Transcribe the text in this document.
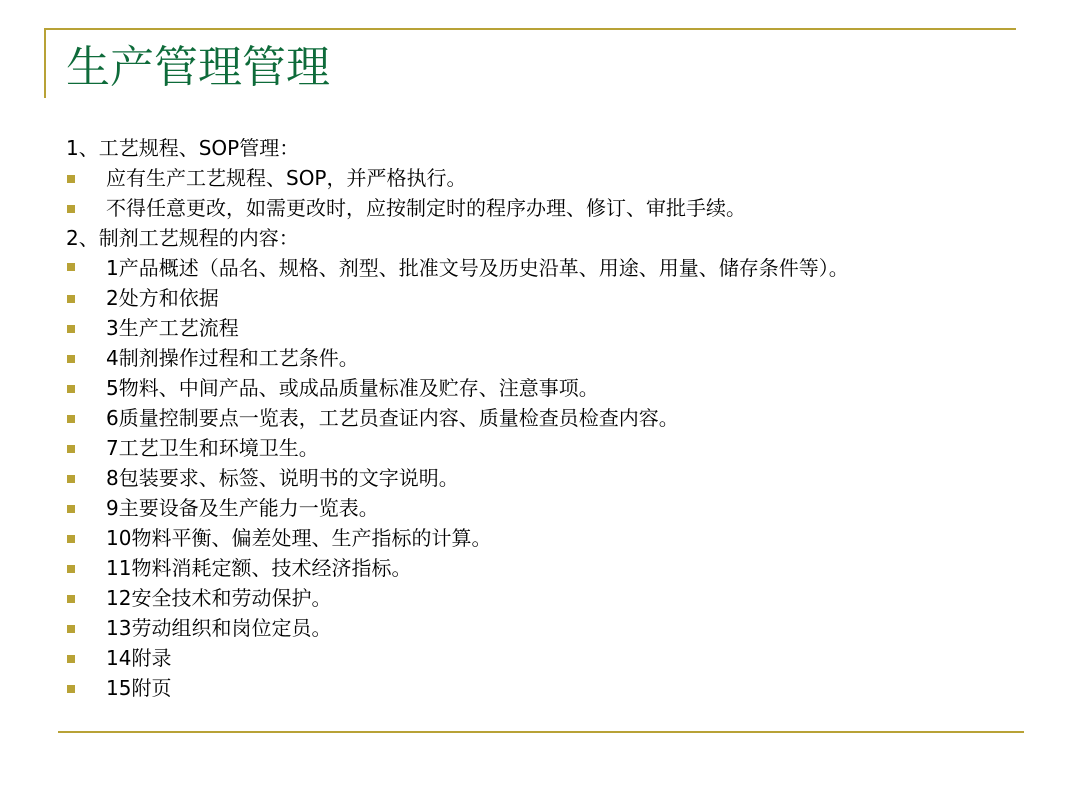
生产管理管理
1、工艺规程、SOP管理：
应有生产工艺规程、SOP，并严格执行。
不得任意更改，如需更改时，应按制定时的程序办理、修订、审批手续。
2、制剂工艺规程的内容：
1产品概述（品名、规格、剂型、批准文号及历史沿革、用途、用量、储存条件等）。
2处方和依据
3生产工艺流程
4制剂操作过程和工艺条件。
5物料、中间产品、或成品质量标准及贮存、注意事项。
6质量控制要点一览表，工艺员查证内容、质量检查员检查内容。
7工艺卫生和环境卫生。
8包装要求、标签、说明书的文字说明。
9主要设备及生产能力一览表。
10物料平衡、偏差处理、生产指标的计算。
11物料消耗定额、技术经济指标。
12安全技术和劳动保护。
13劳动组织和岗位定员。
14附录
15附页
